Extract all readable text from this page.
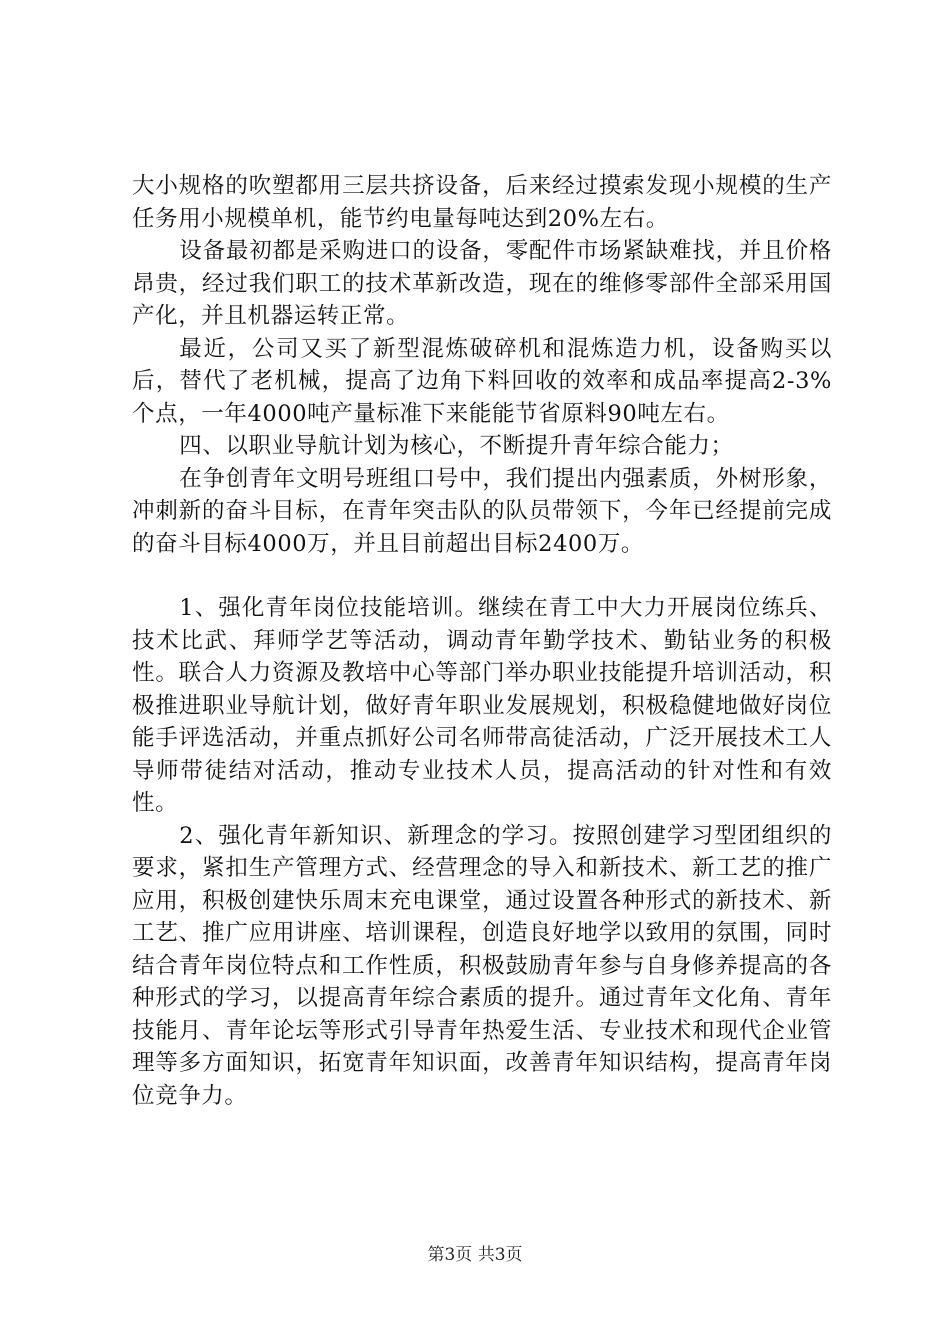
大小规格的吹塑都用三层共挤设备，后来经过摸索发现小规模的生产任务用小规模单机，能节约电量每吨达到20%左右。

设备最初都是采购进口的设备，零配件市场紧缺难找，并且价格昂贵，经过我们职工的技术革新改造，现在的维修零部件全部采用国产化，并且机器运转正常。

最近，公司又买了新型混炼破碎机和混炼造力机，设备购买以后，替代了老机械，提高了边角下料回收的效率和成品率提高2-3%个点，一年4000吨产量标准下来能能节省原料90吨左右。

四、以职业导航计划为核心，不断提升青年综合能力；

在争创青年文明号班组口号中，我们提出内强素质，外树形象，冲刺新的奋斗目标，在青年突击队的队员带领下，今年已经提前完成的奋斗目标4000万，并且目前超出目标2400万。

1、强化青年岗位技能培训。继续在青工中大力开展岗位练兵、技术比武、拜师学艺等活动，调动青年勤学技术、勤钻业务的积极性。联合人力资源及教培中心等部门举办职业技能提升培训活动，积极推进职业导航计划，做好青年职业发展规划，积极稳健地做好岗位能手评选活动，并重点抓好公司名师带高徒活动，广泛开展技术工人导师带徒结对活动，推动专业技术人员，提高活动的针对性和有效性。

2、强化青年新知识、新理念的学习。按照创建学习型团组织的要求，紧扣生产管理方式、经营理念的导入和新技术、新工艺的推广应用，积极创建快乐周末充电课堂，通过设置各种形式的新技术、新工艺、推广应用讲座、培训课程，创造良好地学以致用的氛围，同时结合青年岗位特点和工作性质，积极鼓励青年参与自身修养提高的各种形式的学习，以提高青年综合素质的提升。通过青年文化角、青年技能月、青年论坛等形式引导青年热爱生活、专业技术和现代企业管理等多方面知识，拓宽青年知识面，改善青年知识结构，提高青年岗位竞争力。

第3页 共3页
